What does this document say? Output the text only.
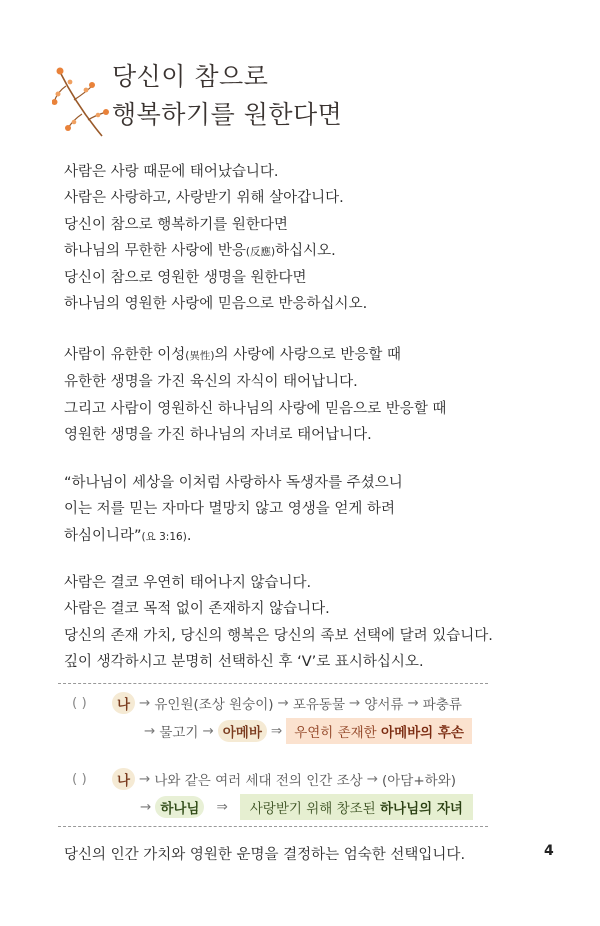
당신이 참으로
행복하기를 원한다면
사람은 사랑 때문에 태어났습니다.
사람은 사랑하고, 사랑받기 위해 살아갑니다.
당신이 참으로 행복하기를 원한다면
하나님의 무한한 사랑에 반응(反應)하십시오.
당신이 참으로 영원한 생명을 원한다면
하나님의 영원한 사랑에 믿음으로 반응하십시오.
사람이 유한한 이성(異性)의 사랑에 사랑으로 반응할 때
유한한 생명을 가진 육신의 자식이 태어납니다.
그리고 사람이 영원하신 하나님의 사랑에 믿음으로 반응할 때
영원한 생명을 가진 하나님의 자녀로 태어납니다.
“하나님이 세상을 이처럼 사랑하사 독생자를 주셨으니
이는 저를 믿는 자마다 멸망치 않고 영생을 얻게 하려
하심이니라”(요 3:16).
사람은 결코 우연히 태어나지 않습니다.
사람은 결코 목적 없이 존재하지 않습니다.
당신의 존재 가치, 당신의 행복은 당신의 족보 선택에 달려 있습니다.
깊이 생각하시고 분명히 선택하신 후 ‘V’로 표시하십시오.
( )	나 → 유인원(조상 원숭이) → 포유동물 → 양서류 → 파충류
→ 물고기 → 아메바 ⇒ 우연히 존재한 아메바의 후손
( )	나 → 나와 같은 여러 세대 전의 인간 조상 → (아담+하와)
→ 하나님	⇒	사랑받기 위해 창조된 하나님의 자녀
당신의 인간 가치와 영원한 운명을 결정하는 엄숙한 선택입니다.	4
